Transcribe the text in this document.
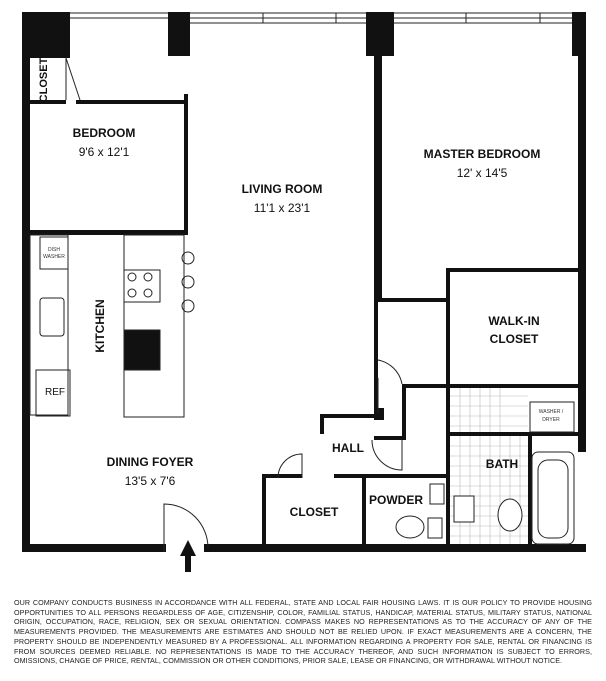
CLOSET
BEDROOM
9'6 x 12'1
LIVING ROOM
11'1 x 23'1
MASTER BEDROOM
12' x 14'5
WALK-IN
CLOSET
KITCHEN
DISH
WASHER
REF
WASHER /
DRYER
HALL
BATH
DINING FOYER
13'5 x 7'6
CLOSET
POWDER
OUR COMPANY CONDUCTS BUSINESS IN ACCORDANCE WITH ALL FEDERAL, STATE AND LOCAL FAIR HOUSING LAWS. IT IS OUR POLICY TO PROVIDE HOUSING OPPORTUNITIES TO ALL PERSONS REGARDLESS OF AGE, CITIZENSHIP, COLOR, FAMILIAL STATUS, HANDICAP, MATERIAL STATUS, MILITARY STATUS, NATIONAL ORIGIN, OCCUPATION, RACE, RELIGION, SEX OR SEXUAL ORIENTATION. COMPASS MAKES NO REPRESENTATIONS AS TO THE ACCURACY OF ANY OF THE MEASUREMENTS PROVIDED. THE MEASUREMENTS ARE ESTIMATES AND SHOULD NOT BE RELIED UPON. IF EXACT MEASUREMENTS ARE A CONCERN, THE PROPERTY SHOULD BE INDEPENDENTLY MEASURED BY A PROFESSIONAL. ALL INFORMATION REGARDING A PROPERTY FOR SALE, RENTAL OR FINANCING IS FROM SOURCES DEEMED RELIABLE. NO REPRESENTATIONS IS MADE TO THE ACCURACY THEREOF, AND SUCH INFORMATION IS SUBJECT TO ERRORS, OMISSIONS, CHANGE OF PRICE, RENTAL, COMMISSION OR OTHER CONDITIONS, PRIOR SALE, LEASE OR FINANCING, OR WITHDRAWAL WITHOUT NOTICE.
